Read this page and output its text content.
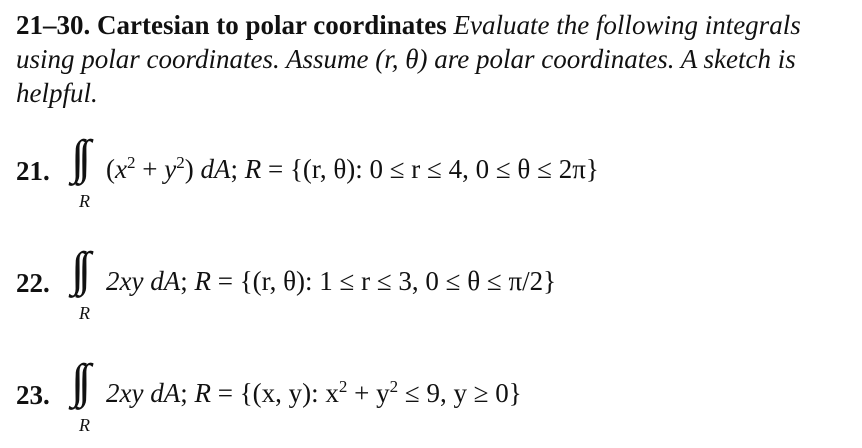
21–30. Cartesian to polar coordinates Evaluate the following integrals using polar coordinates. Assume (r, θ) are polar coordinates. A sketch is helpful.
21.
R
$(x^2 + y^2)$ dA; R = {(r, θ): 0 ≤ r ≤ 4, 0 ≤ θ ≤ 2π}
22.
R
2xy dA; R = {(r, θ): 1 ≤ r ≤ 3, 0 ≤ θ ≤ π/2}
23.
R
2xy dA; R = {(x, y): $x^2 + y^2 \le 9$, y ≥ 0}
